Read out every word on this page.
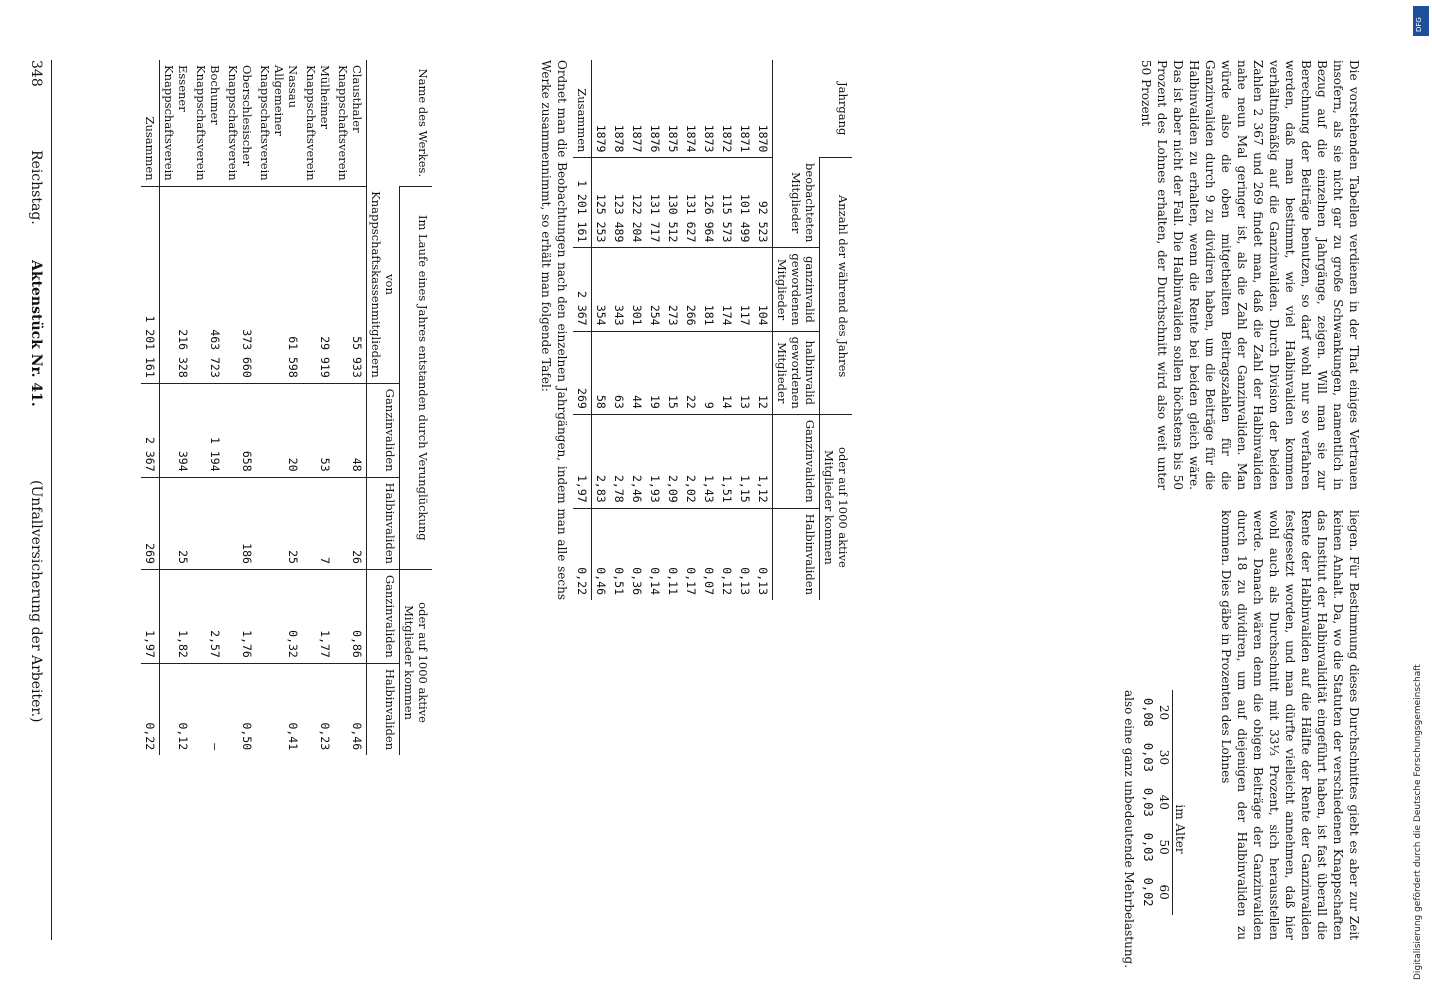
348
Reichstag.
Aktenstück Nr. 41.
(Unfallversicherung der Arbeiter.)
Name des Werkes.	Im Laufe eines Jahres entstanden durch Verunglückung			oder auf 1000 aktive Mitglieder kommen	
	von Knappschaftskassenmitgliedern	Ganzinvaliden	Halbinvaliden	Ganzinvaliden	Halbinvaliden
Clausthaler Knappschaftsverein	55 933	48	26	0,86	0,46
Mülheimer Knappschaftsverein	29 919	53	7	1,77	0,23
Nassau Allgemeiner Knappschaftsverein	61 598	20	25	0,32	0,41
Oberschlesischer Knappschaftsverein	373 660	658	186	1,76	0,50
Bochumer Knappschaftsverein	463 723	1 194		2,57	—
Essener Knappschaftsverein	216 328	394	25	1,82	0,12
Zusammen	1 201 161	2 367	269	1,97	0,22
Ordnet man die Beobachtungen nach den einzelnen Jahrgängen, indem man alle sechs Werke zusammennimmt, so erhält man folgende Tafel:	Jahrgang	Anzahl der während des Jahres			oder auf 1000 aktive Mitglieder kommen	
	beobachteten Mitglieder	ganzinvalid gewordenen Mitglieder	halbinvalid gewordenen Mitglieder	Ganzinvaliden	Halbinvaliden
1870	92 523	104	12	1,12	0,13
1871	101 499	117	13	1,15	0,13
1872	115 573	174	14	1,51	0,12
1873	126 964	181	9	1,43	0,07
1874	131 627	266	22	2,02	0,17
1875	130 512	273	15	2,09	0,11
1876	131 717	254	19	1,93	0,14
1877	122 204	301	44	2,46	0,36
1878	123 489	343	63	2,78	0,51
1879	125 253	354	58	2,83	0,46
Zusammen	1 201 161	2 367	269	1,97	0,22
Die vorstehenden Tabellen verdienen in der That einiges Vertrauen insofern, als sie nicht gar zu große Schwankungen, namentlich in Bezug auf die einzelnen Jahrgänge, zeigen. Will man sie zur Berechnung der Beiträge benutzen, so darf wohl nur so verfahren werden, daß man bestimmt, wie viel Halbinvaliden kommen verhältnißmäßig auf die Ganzinvaliden. Durch Division der beiden Zahlen 2 367 und 269 findet man, daß die Zahl der Halbinvaliden nahe neun Mal geringer ist, als die Zahl der Ganzinvaliden. Man würde also die oben mitgetheilten Beitragszahlen für die Ganzinvaliden durch 9 zu dividiren haben, um die Beiträge für die Halbinvaliden zu erhalten, wenn die Rente bei beiden gleich wäre. Das ist aber nicht der Fall. Die Halbinvaliden sollen höchstens bis 50 Prozent des Lohnes erhalten, der Durchschnitt wird also weit unter 50 Prozent
liegen. Für Bestimmung dieses Durchschnittes giebt es aber zur Zeit keinen Anhalt. Da, wo die Statuten der verschiedenen Knappschaften das Institut der Halbinvalidität eingeführt haben, ist fast überall die Rente der Halbinvaliden auf die Hälfte der Rente der Ganzinvaliden festgesetzt worden, und man dürfte vielleicht annehmen, daß hier wohl auch als Durchschnitt mit 33⅓ Prozent, sich herausstellen werde. Danach wären denn die obigen Beiträge der Ganzinvaliden durch 18 zu dividiren, um auf diejenigen der Halbinvaliden zu kommen. Dies gäbe in Prozenten des Lohnes
im Alter
20	30	40	50	60
0,08	0,03	0,03	0,03	0,02
also eine ganz unbedeutende Mehrbelastung.
DFG
Digitalisierung gefördert durch die Deutsche Forschungsgemeinschaft
